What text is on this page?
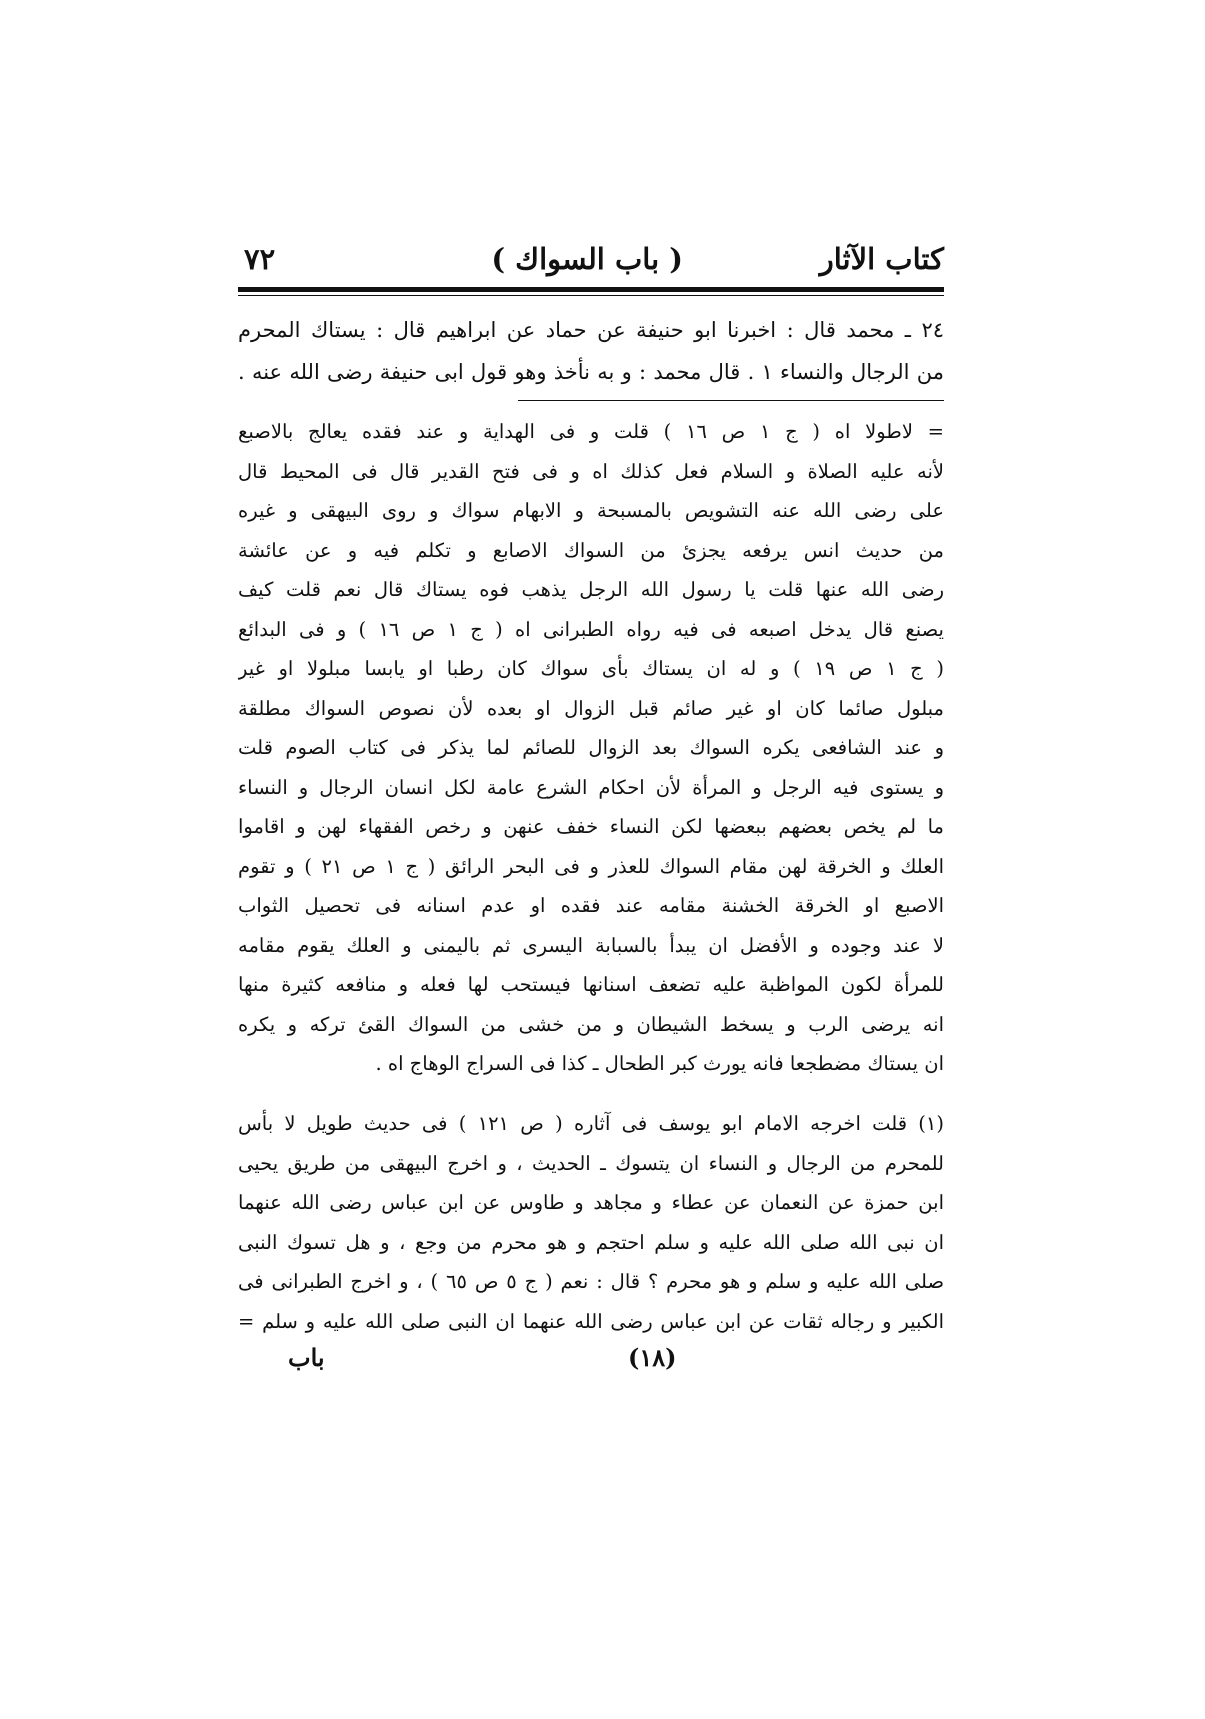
كتاب الآثار
( باب السواك )
٧٢
٢٤ ـ محمد قال : اخبرنا ابو حنيفة عن حماد عن ابراهيم قال : يستاك المحرم
من الرجال والنساء ١ . قال محمد : و به نأخذ وهو قول ابى حنيفة رضى الله عنه .
= لاطولا اه ( ج ١ ص ١٦ ) قلت و فى الهداية و عند فقده يعالج بالاصبع
لأنه عليه الصلاة و السلام فعل كذلك اه و فى فتح القدير قال فى المحيط قال
على رضى الله عنه التشويص بالمسبحة و الابهام سواك و روى البيهقى و غيره
من حديث انس يرفعه يجزئ من السواك الاصابع و تكلم فيه و عن عائشة
رضى الله عنها قلت يا رسول الله الرجل يذهب فوه يستاك قال نعم قلت كيف
يصنع قال يدخل اصبعه فى فيه رواه الطبرانى اه ( ج ١ ص ١٦ ) و فى البدائع
( ج ١ ص ١٩ ) و له ان يستاك بأى سواك كان رطبا او يابسا مبلولا او غير
مبلول صائما كان او غير صائم قبل الزوال او بعده لأن نصوص السواك مطلقة
و عند الشافعى يكره السواك بعد الزوال للصائم لما يذكر فى كتاب الصوم قلت
و يستوى فيه الرجل و المرأة لأن احكام الشرع عامة لكل انسان الرجال و النساء
ما لم يخص بعضهم ببعضها لكن النساء خفف عنهن و رخص الفقهاء لهن و اقاموا
العلك و الخرقة لهن مقام السواك للعذر و فى البحر الرائق ( ج ١ ص ٢١ ) و تقوم
الاصبع او الخرقة الخشنة مقامه عند فقده او عدم اسنانه فى تحصيل الثواب
لا عند وجوده و الأفضل ان يبدأ بالسبابة اليسرى ثم باليمنى و العلك يقوم مقامه
للمرأة لكون المواظبة عليه تضعف اسنانها فيستحب لها فعله و منافعه كثيرة منها
انه يرضى الرب و يسخط الشيطان و من خشى من السواك القئ تركه و يكره
ان يستاك مضطجعا فانه يورث كبر الطحال ـ كذا فى السراج الوهاج اه .
(١) قلت اخرجه الامام ابو يوسف فى آثاره ( ص ١٢١ ) فى حديث طويل لا بأس
للمحرم من الرجال و النساء ان يتسوك ـ الحديث ، و اخرج البيهقى من طريق يحيى
ابن حمزة عن النعمان عن عطاء و مجاهد و طاوس عن ابن عباس رضى الله عنهما
ان نبى الله صلى الله عليه و سلم احتجم و هو محرم من وجع ، و هل تسوك النبى
صلى الله عليه و سلم و هو محرم ؟ قال : نعم ( ج ٥ ص ٦٥ ) ، و اخرج الطبرانى فى
الكبير و رجاله ثقات عن ابن عباس رضى الله عنهما ان النبى صلى الله عليه و سلم =
(١٨)
باب
